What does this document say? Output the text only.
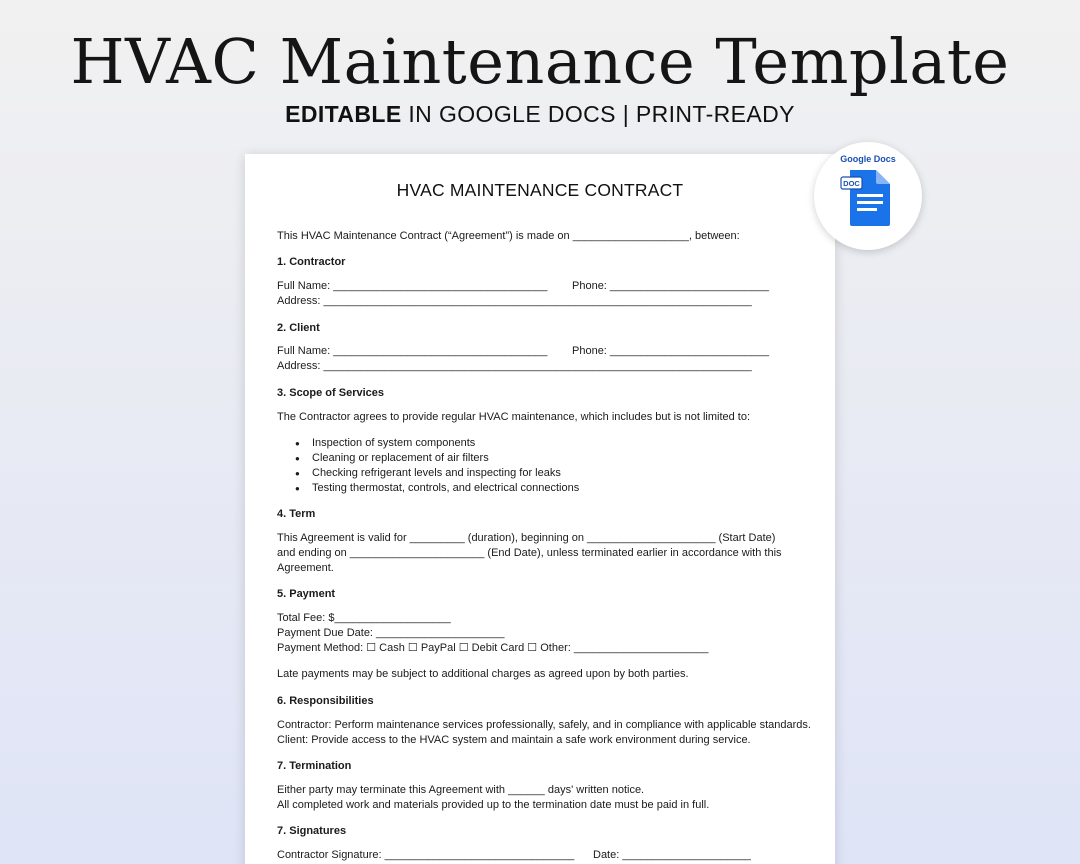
HVAC Maintenance Template
EDITABLE IN GOOGLE DOCS | PRINT-READY
HVAC MAINTENANCE CONTRACT
This HVAC Maintenance Contract (“Agreement”) is made on ___________________, between:
1. Contractor
Full Name: ___________________________________ Phone: __________________________
Address: ______________________________________________________________________
2. Client
Full Name: ___________________________________ Phone: __________________________
Address: ______________________________________________________________________
3. Scope of Services
The Contractor agrees to provide regular HVAC maintenance, which includes but is not limited to:
● Inspection of system components
● Cleaning or replacement of air filters
● Checking refrigerant levels and inspecting for leaks
● Testing thermostat, controls, and electrical connections
4. Term
This Agreement is valid for _________ (duration), beginning on _____________________ (Start Date)
and ending on ______________________ (End Date), unless terminated earlier in accordance with this
Agreement.
5. Payment
Total Fee: $___________________
Payment Due Date: _____________________
Payment Method: ☐ Cash ☐ PayPal ☐ Debit Card ☐ Other: ______________________
Late payments may be subject to additional charges as agreed upon by both parties.
6. Responsibilities
Contractor: Perform maintenance services professionally, safely, and in compliance with applicable standards.
Client: Provide access to the HVAC system and maintain a safe work environment during service.
7. Termination
Either party may terminate this Agreement with ______ days' written notice.
All completed work and materials provided up to the termination date must be paid in full.
7. Signatures
Contractor Signature: _______________________________ Date: _____________________
Google Docs
DOC
